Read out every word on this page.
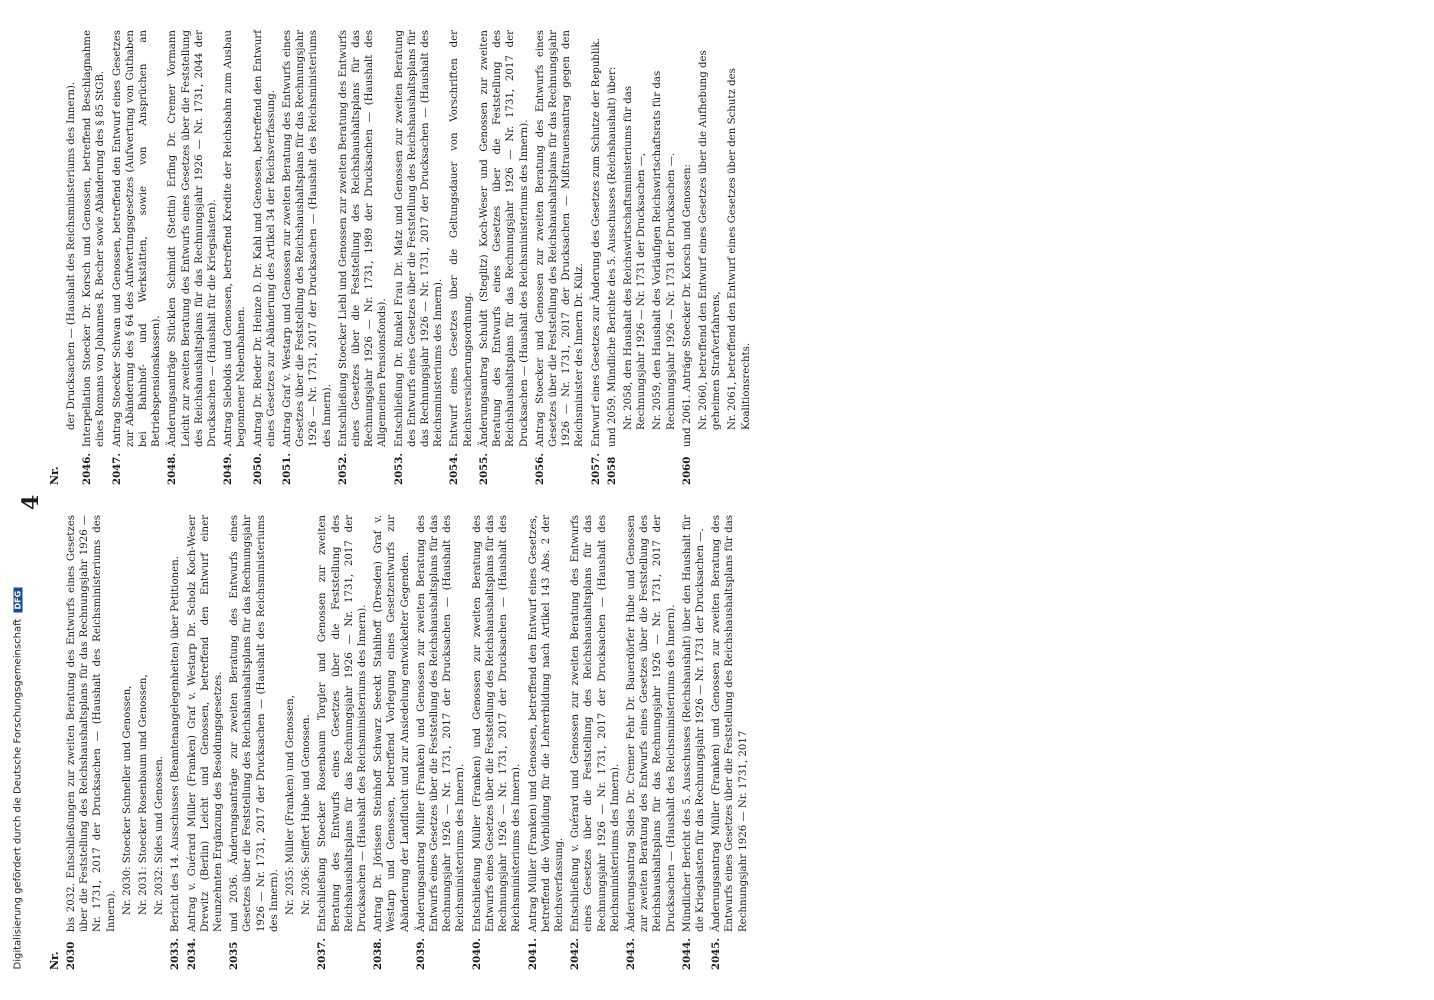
4
Nr. 2030
bis 2032. Entschließungen zur zweiten Beratung des Entwurfs eines Gesetzes über die Feststellung des Reichshaushaltsplans für das Rechnungsjahr 1926 — Nr. 1731, 2017 der Drucksachen — (Haushalt des Reichsministeriums des Innern). Nr. 2030: Stoecker Schneller und Genossen, Nr. 2031: Stoecker Rosenbaum und Genossen, Nr. 2032: Sides und Genossen.
2033.
Bericht des 14. Ausschusses (Beamtenangelegenheiten) über Petitionen.
2034.
Antrag v. Guérard Müller (Franken) Graf v. Westarp Dr. Scholz Koch-Weser Drewitz (Berlin) Leicht und Genossen, betreffend den Entwurf einer Neunzehnten Ergänzung des Besoldungsgesetzes.
2035
und 2036. Änderungsanträge zur zweiten Beratung des Entwurfs eines Gesetzes über die Feststellung des Reichshaushaltsplans für das Rechnungsjahr 1926 — Nr. 1731, 2017 der Drucksachen — (Haushalt des Reichsministeriums des Innern). Nr. 2035: Müller (Franken) und Genossen, Nr. 2036: Seiffert Hube und Genossen.
2037.
Entschließung Stoecker Rosenbaum Torgler und Genossen zur zweiten Beratung des Entwurfs eines Gesetzes über die Feststellung des Reichshaushaltsplans für das Rechnungsjahr 1926 — Nr. 1731, 2017 der Drucksachen — (Haushalt des Reichsministeriums des Innern).
2038.
Antrag Dr. Jörissen Steinhoff Schwarz Seeckt Stahlhoff (Dresden) Graf v. Westarp und Genossen, betreffend Vorlegung eines Gesetzentwurfs zur Abänderung der Landflucht und zur Ansiedelung entwickelter Gegenden.
2039.
Änderungsantrag Müller (Franken) und Genossen zur zweiten Beratung des Entwurfs eines Gesetzes über die Feststellung des Reichshaushaltsplans für das Rechnungsjahr 1926 — Nr. 1731, 2017 der Drucksachen — (Haushalt des Reichsministeriums des Innern).
2040.
Entschließung Müller (Franken) und Genossen zur zweiten Beratung des Entwurfs eines Gesetzes über die Feststellung des Reichshaushaltsplans für das Rechnungsjahr 1926 — Nr. 1731, 2017 der Drucksachen — (Haushalt des Reichsministeriums des Innern).
2041.
Antrag Müller (Franken) und Genossen, betreffend den Entwurf eines Gesetzes, betreffend die Vorbildung für die Lehrerbildung nach Artikel 143 Abs. 2 der Reichsverfassung.
2042.
Entschließung v. Guérard und Genossen zur zweiten Beratung des Entwurfs eines Gesetzes über die Feststellung des Reichshaushaltsplans für das Rechnungsjahr 1926 — Nr. 1731, 2017 der Drucksachen — (Haushalt des Reichsministeriums des Innern).
2043.
Änderungsantrag Sides Dr. Cremer Fehr Dr. Bauerdörfer Hube und Genossen zur zweiten Beratung des Entwurfs eines Gesetzes über die Feststellung des Reichshaushaltsplans für das Rechnungsjahr 1926 — Nr. 1731, 2017 der Drucksachen — (Haushalt des Reichsministeriums des Innern).
2044.
Mündlicher Bericht des 5. Ausschusses (Reichshaushalt) über den Haushalt für die Kriegslasten für das Rechnungsjahr 1926 — Nr. 1731 der Drucksachen —.
2045.
Änderungsantrag Müller (Franken) und Genossen zur zweiten Beratung des Entwurfs eines Gesetzes über die Feststellung des Reichshaushaltsplans für das Rechnungsjahr 1926 — Nr. 1731, 2017
Nr.
der Drucksachen — (Haushalt des Reichsministeriums des Innern).
2046.
Interpellation Stoecker Dr. Korsch und Genossen, betreffend Beschlagnahme eines Romans von Johannes R. Becher sowie Abänderung des § 85 StGB.
2047.
Antrag Stoecker Schwan und Genossen, betreffend den Entwurf eines Gesetzes zur Abänderung des § 64 des Aufwertungsgesetzes (Aufwertung von Guthaben bei Bahnhof- und Werkstätten, sowie von Ansprüchen an Betriebspensionskassen).
2048.
Änderungsanträge Stücklen Schmidt (Stettin) Erfing Dr. Cremer Vormann Leicht zur zweiten Beratung des Entwurfs eines Gesetzes über die Feststellung des Reichshaushaltsplans für das Rechnungsjahr 1926 — Nr. 1731, 2044 der Drucksachen — (Haushalt für die Kriegslasten).
2049.
Antrag Siebolds und Genossen, betreffend Kredite der Reichsbahn zum Ausbau begonnener Nebenbahnen.
2050.
Antrag Dr. Rieder Dr. Heinze D. Dr. Kahl und Genossen, betreffend den Entwurf eines Gesetzes zur Abänderung des Artikel 34 der Reichsverfassung.
2051.
Antrag Graf v. Westarp und Genossen zur zweiten Beratung des Entwurfs eines Gesetzes über die Feststellung des Reichshaushaltsplans für das Rechnungsjahr 1926 — Nr. 1731, 2017 der Drucksachen — (Haushalt des Reichsministeriums des Innern).
2052.
Entschließung Stoecker Liebl und Genossen zur zweiten Beratung des Entwurfs eines Gesetzes über die Feststellung des Reichshaushaltsplans für das Rechnungsjahr 1926 — Nr. 1731, 1989 der Drucksachen — (Haushalt des Allgemeinen Pensionsfonds).
2053.
Entschließung Dr. Runkel Frau Dr. Matz und Genossen zur zweiten Beratung des Entwurfs eines Gesetzes über die Feststellung des Reichshaushaltsplans für das Rechnungsjahr 1926 — Nr. 1731, 2017 der Drucksachen — (Haushalt des Reichsministeriums des Innern).
2054.
Entwurf eines Gesetzes über die Geltungsdauer von Vorschriften der Reichsversicherungsordnung.
2055.
Änderungsantrag Schuldt (Steglitz) Koch-Weser und Genossen zur zweiten Beratung des Entwurfs eines Gesetzes über die Feststellung des Reichshaushaltsplans für das Rechnungsjahr 1926 — Nr. 1731, 2017 der Drucksachen — (Haushalt des Reichsministeriums des Innern).
2056.
Antrag Stoecker und Genossen zur zweiten Beratung des Entwurfs eines Gesetzes über die Feststellung des Reichshaushaltsplans für das Rechnungsjahr 1926 — Nr. 1731, 2017 der Drucksachen — Mißtrauensantrag gegen den Reichsminister des Innern Dr. Külz.
2057.
Entwurf eines Gesetzes zur Änderung des Gesetzes zum Schutze der Republik.
2058
und 2059. Mündliche Berichte des 5. Ausschusses (Reichshaushalt) über: Nr. 2058, den Haushalt des Reichswirtschaftsministeriums für das Rechnungsjahr 1926 — Nr. 1731 der Drucksachen —, Nr. 2059, den Haushalt des Vorläufigen Reichswirtschaftsrats für das Rechnungsjahr 1926 — Nr. 1731 der Drucksachen —.
2060
und 2061. Anträge Stoecker Dr. Korsch und Genossen: Nr. 2060, betreffend den Entwurf eines Gesetzes über die Aufhebung des geheimen Strafverfahrens, Nr. 2061, betreffend den Entwurf eines Gesetzes über den Schutz des Koalitionsrechts.
Digitalisierung gefördert durch die Deutsche Forschungsgemeinschaft DFG
